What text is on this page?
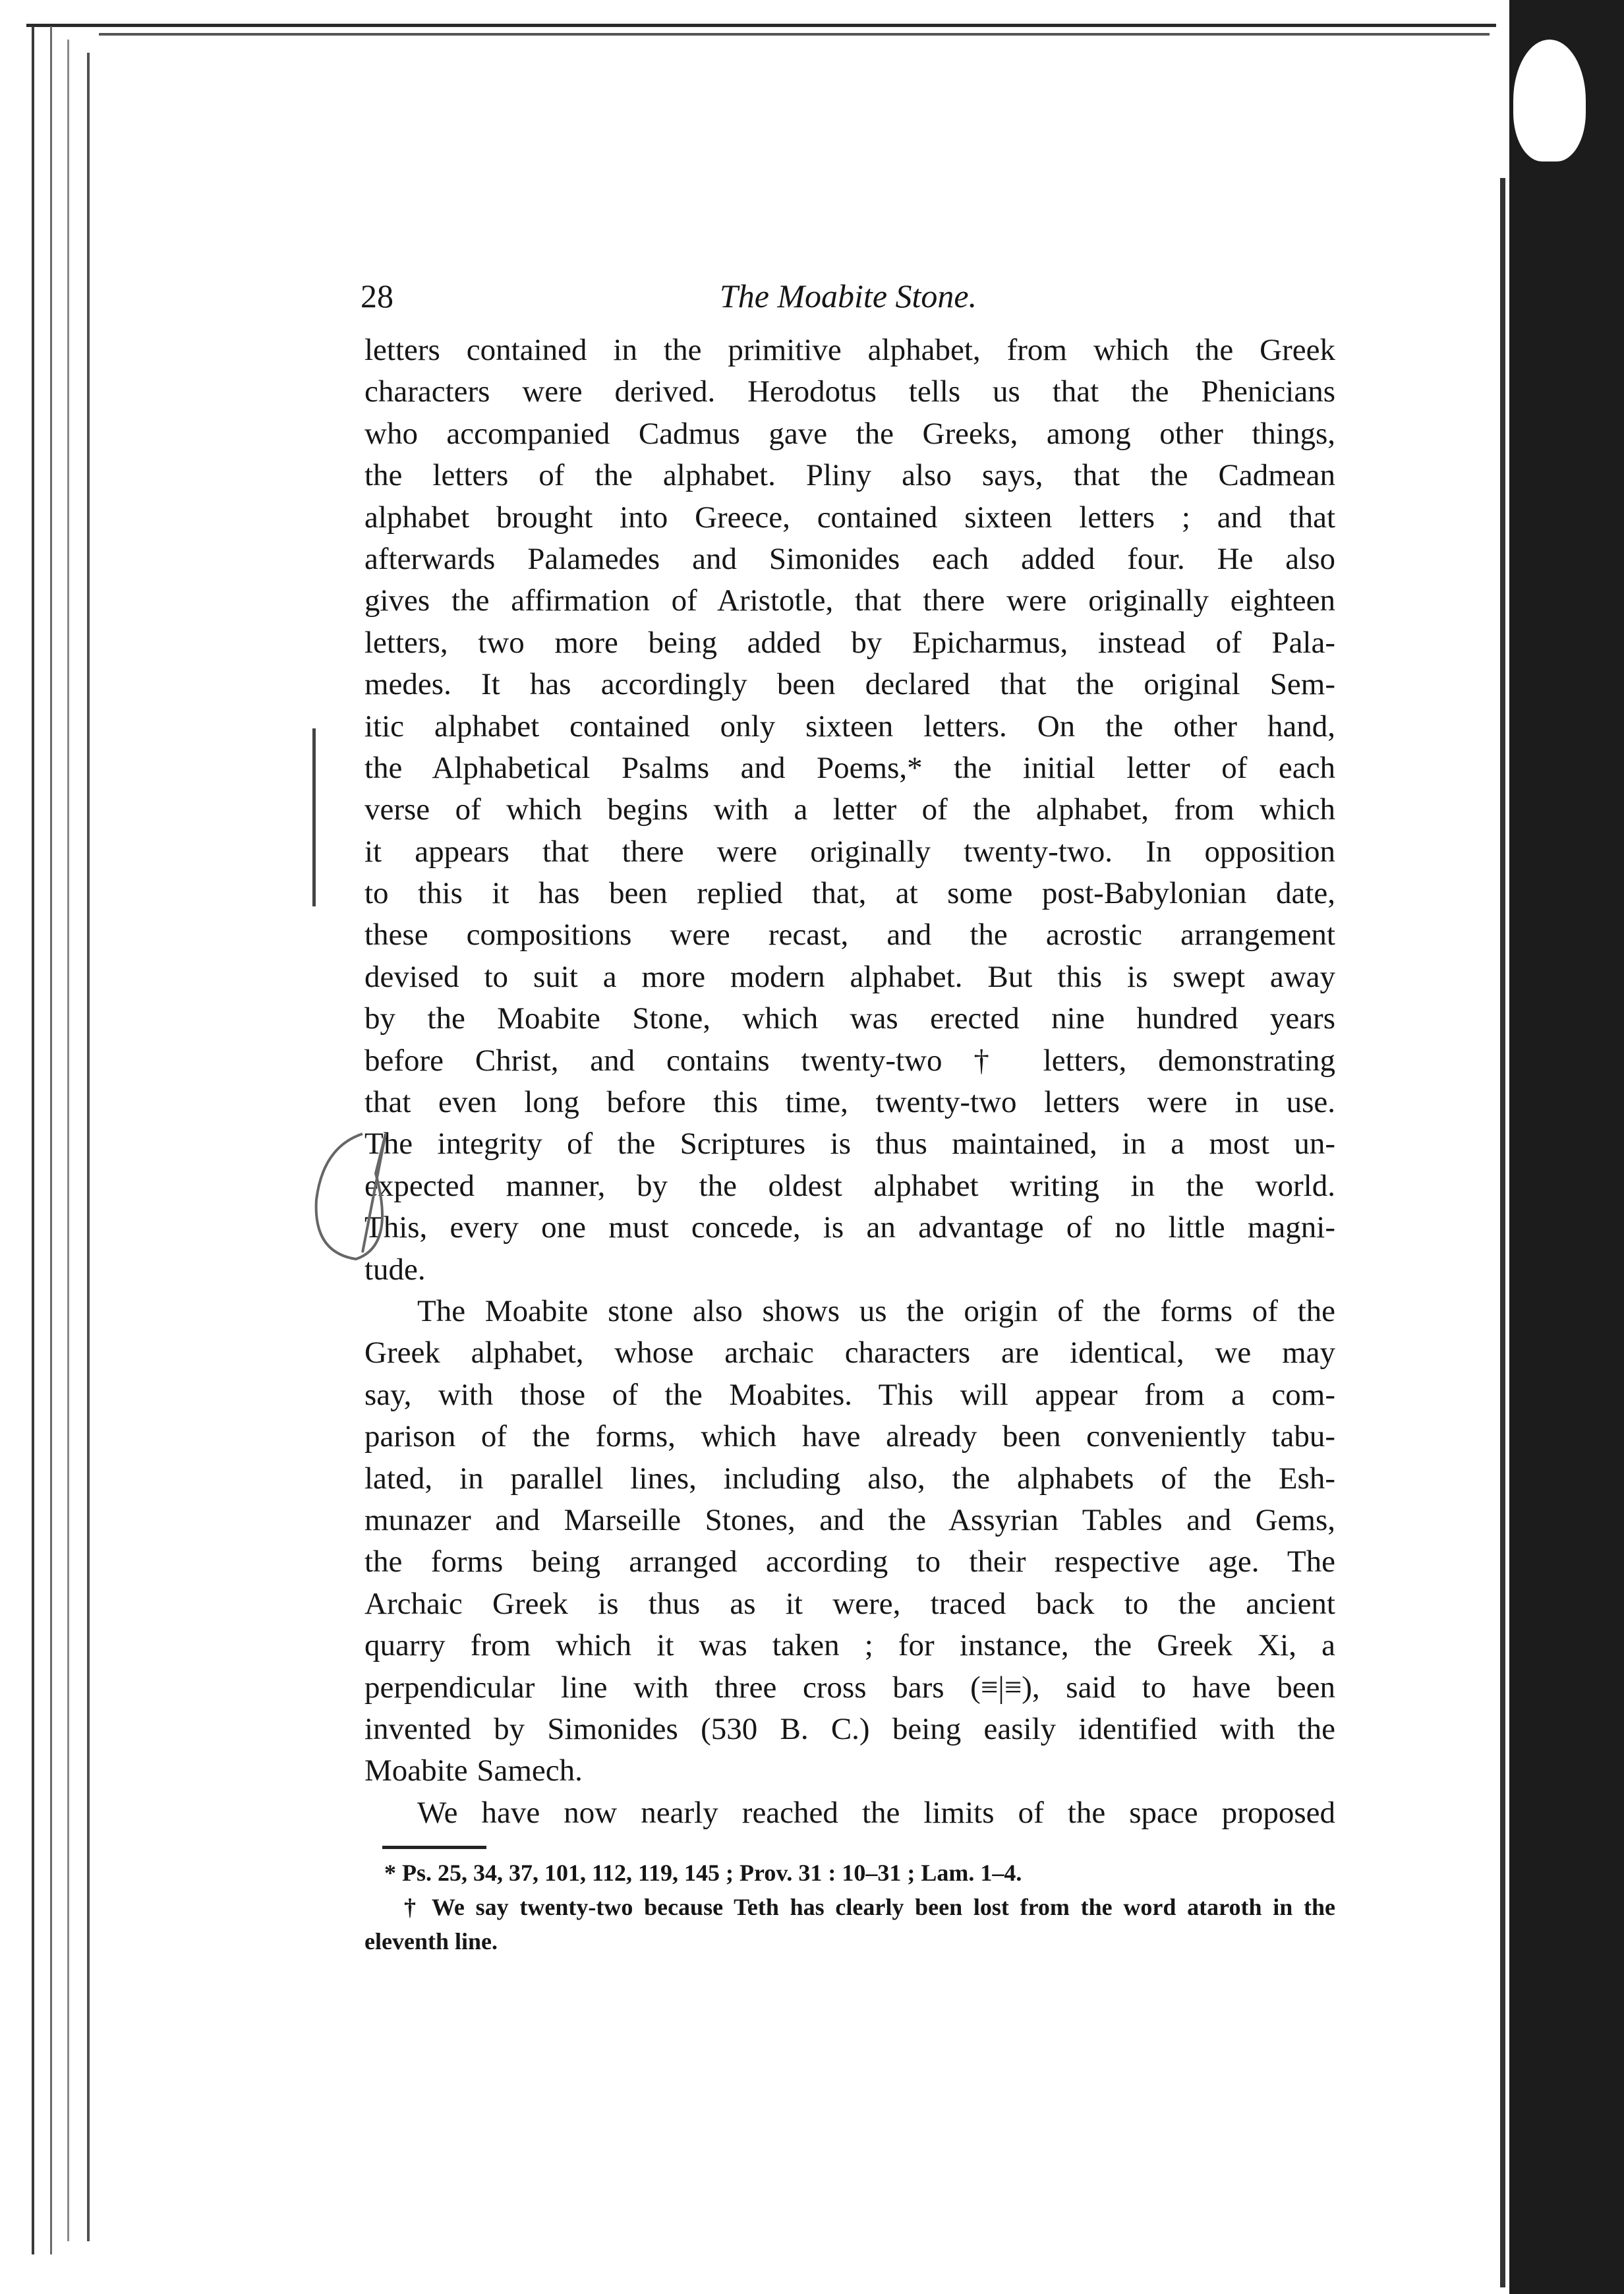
28	The Moabite Stone.
letters contained in the primitive alphabet, from which the Greek
characters were derived. Herodotus tells us that the Phenicians
who accompanied Cadmus gave the Greeks, among other things,
the letters of the alphabet. Pliny also says, that the Cadmean
alphabet brought into Greece, contained sixteen letters ; and that
afterwards Palamedes and Simonides each added four. He also
gives the affirmation of Aristotle, that there were originally eighteen
letters, two more being added by Epicharmus, instead of Pala-
medes. It has accordingly been declared that the original Sem-
itic alphabet contained only sixteen letters. On the other hand,
the Alphabetical Psalms and Poems,* the initial letter of each
verse of which begins with a letter of the alphabet, from which
it appears that there were originally twenty-two. In opposition
to this it has been replied that, at some post-Babylonian date,
these compositions were recast, and the acrostic arrangement
devised to suit a more modern alphabet. But this is swept away
by the Moabite Stone, which was erected nine hundred years
before Christ, and contains twenty-two † letters, demonstrating
that even long before this time, twenty-two letters were in use.
The integrity of the Scriptures is thus maintained, in a most un-
expected manner, by the oldest alphabet writing in the world.
This, every one must concede, is an advantage of no little magni-
tude.
The Moabite stone also shows us the origin of the forms of the
Greek alphabet, whose archaic characters are identical, we may
say, with those of the Moabites. This will appear from a com-
parison of the forms, which have already been conveniently tabu-
lated, in parallel lines, including also, the alphabets of the Esh-
munazer and Marseille Stones, and the Assyrian Tables and Gems,
the forms being arranged according to their respective age. The
Archaic Greek is thus as it were, traced back to the ancient
quarry from which it was taken ; for instance, the Greek Xi, a
perpendicular line with three cross bars (≡|≡), said to have been
invented by Simonides (530 B. C.) being easily identified with the
Moabite Samech.
We have now nearly reached the limits of the space proposed
* Ps. 25, 34, 37, 101, 112, 119, 145 ; Prov. 31 : 10–31 ; Lam. 1–4.
† We say twenty-two because Teth has clearly been lost from the word ataroth in the
eleventh line.
